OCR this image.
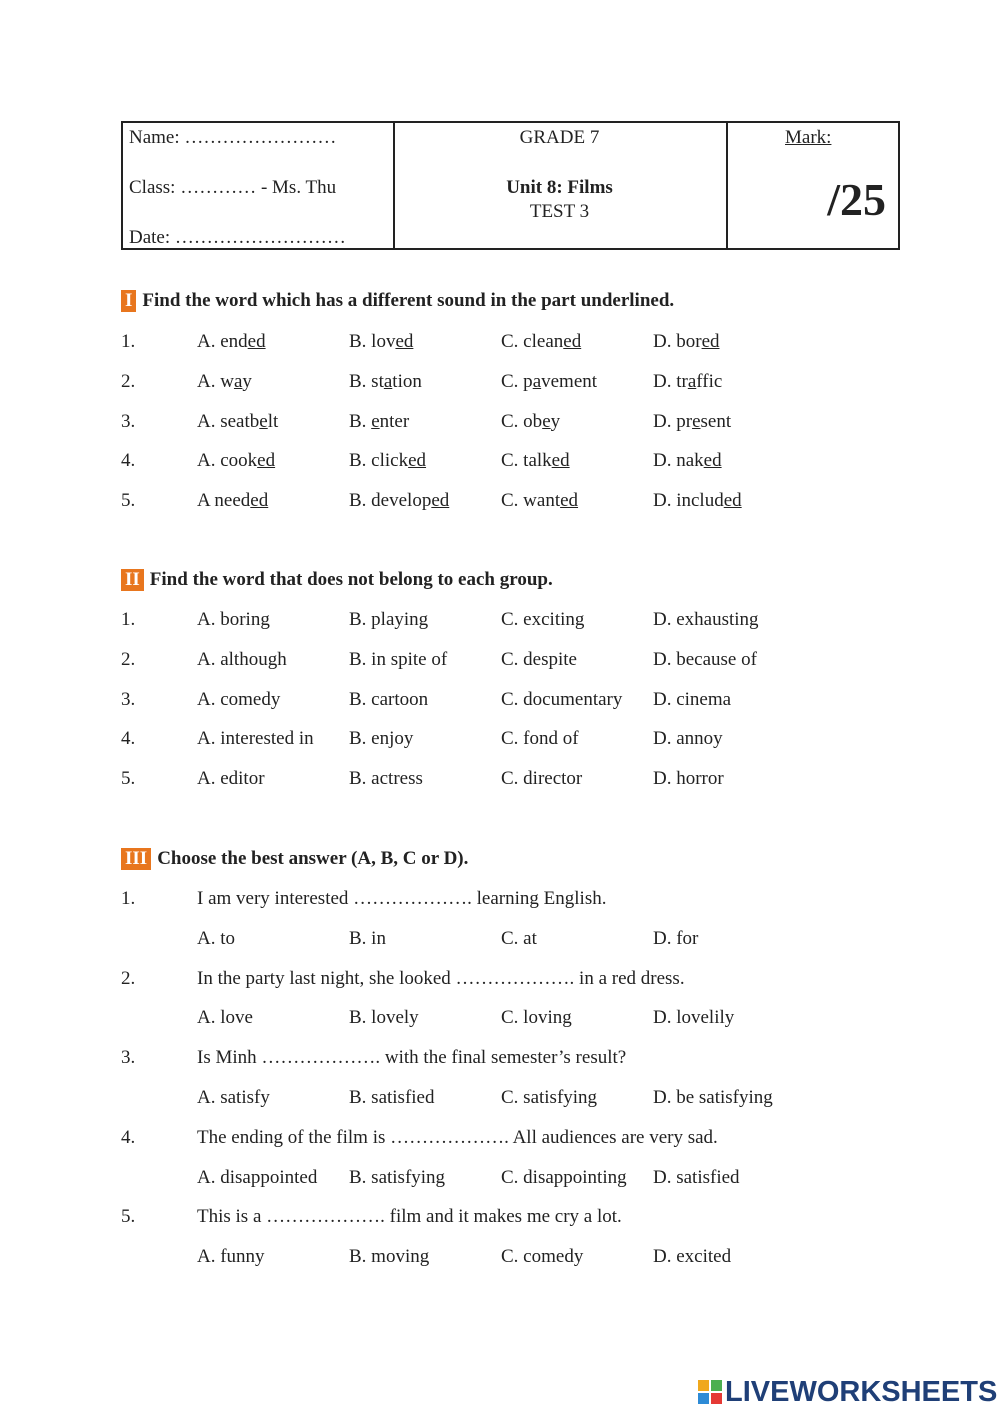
Name: ……………………
Class: ………… - Ms. Thu
Date: ………………………
GRADE 7
Unit 8: Films
TEST 3
Mark:
/25
I Find the word which has a different sound in the part underlined.
1.	A. ended	B. loved	C. cleaned	D. bored
2.	A. way	B. station	C. pavement	D. traffic
3.	A. seatbelt	B. enter	C. obey	D. present
4.	A. cooked	B. clicked	C. talked	D. naked
5.	A needed	B. developed	C. wanted	D. included
II Find the word that does not belong to each group.
1.	A. boring	B. playing	C. exciting	D. exhausting
2.	A. although	B. in spite of	C. despite	D. because of
3.	A. comedy	B. cartoon	C. documentary D. cinema
4.	A. interested in B. enjoy	C. fond of	D. annoy
5.	A. editor	B. actress	C. director	D. horror
III Choose the best answer (A, B, C or D).
1.	I am very interested ………………. learning English.
A. to	B. in	C. at	D. for
2.	In the party last night, she looked ………………. in a red dress.
A. love	B. lovely	C. loving	D. lovelily
3.	Is Minh ………………. with the final semester’s result?
A. satisfy	B. satisfied	C. satisfying	D. be satisfying
4.	The ending of the film is ………………. All audiences are very sad.
A. disappointed B. satisfying	C. disappointing D. satisfied
5.	This is a ………………. film and it makes me cry a lot.
A. funny	B. moving	C. comedy	D. excited
LIVEWORKSHEETS
